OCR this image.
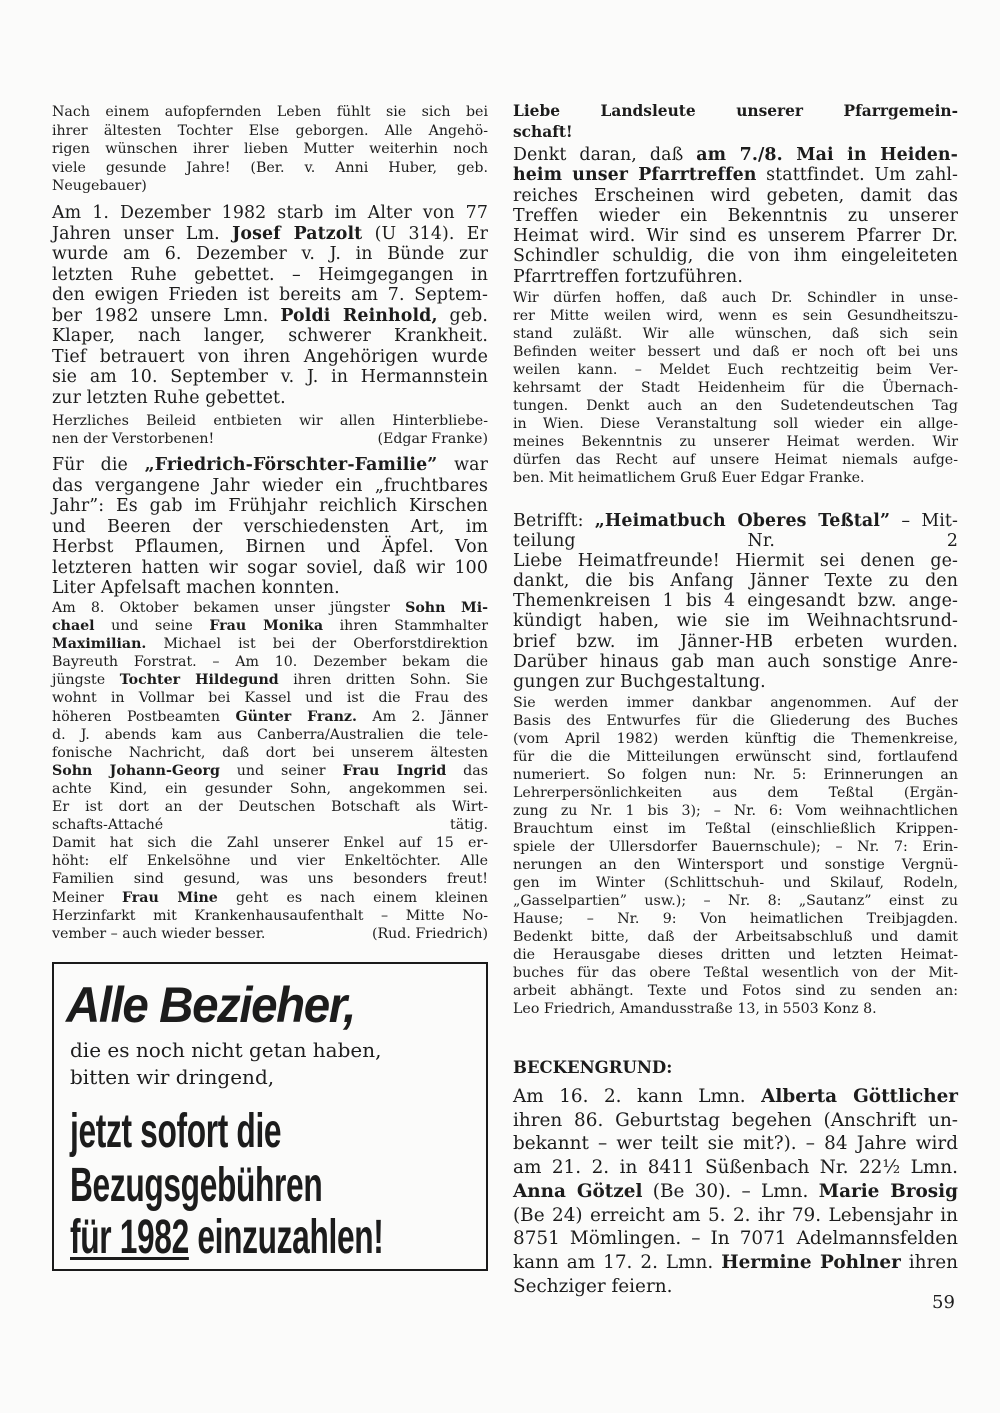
Nach einem aufopfernden Leben fühlt sie sich bei
ihrer ältesten Tochter Else geborgen. Alle Angehö-
rigen wünschen ihrer lieben Mutter weiterhin noch
viele gesunde Jahre! (Ber. v. Anni Huber, geb.
Neugebauer)
Am 1. Dezember 1982 starb im Alter von 77
Jahren unser Lm. Josef Patzolt (U 314). Er
wurde am 6. Dezember v. J. in Bünde zur
letzten Ruhe gebettet. – Heimgegangen in
den ewigen Frieden ist bereits am 7. Septem-
ber 1982 unsere Lmn. Poldi Reinhold, geb.
Klaper, nach langer, schwerer Krankheit.
Tief betrauert von ihren Angehörigen wurde
sie am 10. September v. J. in Hermannstein
zur letzten Ruhe gebettet.
Herzliches Beileid entbieten wir allen Hinterbliebe-
nen der Verstorbenen!	(Edgar Franke)
Für die „Friedrich-Förschter-Familie” war
das vergangene Jahr wieder ein „fruchtbares
Jahr”: Es gab im Frühjahr reichlich Kirschen
und Beeren der verschiedensten Art, im
Herbst Pflaumen, Birnen und Äpfel. Von
letzteren hatten wir sogar soviel, daß wir 100
Liter Apfelsaft machen konnten.
Am 8. Oktober bekamen unser jüngster Sohn Mi-
chael und seine Frau Monika ihren Stammhalter
Maximilian. Michael ist bei der Oberforstdirektion
Bayreuth Forstrat. – Am 10. Dezember bekam die
jüngste Tochter Hildegund ihren dritten Sohn. Sie
wohnt in Vollmar bei Kassel und ist die Frau des
höheren Postbeamten Günter Franz. Am 2. Jänner
d. J. abends kam aus Canberra/Australien die tele-
fonische Nachricht, daß dort bei unserem ältesten
Sohn Johann-Georg und seiner Frau Ingrid das
achte Kind, ein gesunder Sohn, angekommen sei.
Er ist dort an der Deutschen Botschaft als Wirt-
schafts-Attaché tätig.
Damit hat sich die Zahl unserer Enkel auf 15 er-
höht: elf Enkelsöhne und vier Enkeltöchter. Alle
Familien sind gesund, was uns besonders freut!
Meiner Frau Mine geht es nach einem kleinen
Herzinfarkt mit Krankenhausaufenthalt – Mitte No-
vember – auch wieder besser.	(Rud. Friedrich)
Alle Bezieher,
die es noch nicht getan haben,
bitten wir dringend,
jetzt sofort die
Bezugsgebühren
für 1982 einzuzahlen!
Liebe Landsleute unserer Pfarrgemein-
schaft!
Denkt daran, daß am 7./8. Mai in Heiden-
heim unser Pfarrtreffen stattfindet. Um zahl-
reiches Erscheinen wird gebeten, damit das
Treffen wieder ein Bekenntnis zu unserer
Heimat wird. Wir sind es unserem Pfarrer Dr.
Schindler schuldig, die von ihm eingeleiteten
Pfarrtreffen fortzuführen.
Wir dürfen hoffen, daß auch Dr. Schindler in unse-
rer Mitte weilen wird, wenn es sein Gesundheitszu-
stand zuläßt. Wir alle wünschen, daß sich sein
Befinden weiter bessert und daß er noch oft bei uns
weilen kann. – Meldet Euch rechtzeitig beim Ver-
kehrsamt der Stadt Heidenheim für die Übernach-
tungen. Denkt auch an den Sudetendeutschen Tag
in Wien. Diese Veranstaltung soll wieder ein allge-
meines Bekenntnis zu unserer Heimat werden. Wir
dürfen das Recht auf unsere Heimat niemals aufge-
ben. Mit heimatlichem Gruß Euer Edgar Franke.
Betrifft: „Heimatbuch Oberes Teßtal” – Mit-
teilung Nr. 2
Liebe Heimatfreunde! Hiermit sei denen ge-
dankt, die bis Anfang Jänner Texte zu den
Themenkreisen 1 bis 4 eingesandt bzw. ange-
kündigt haben, wie sie im Weihnachtsrund-
brief bzw. im Jänner-HB erbeten wurden.
Darüber hinaus gab man auch sonstige Anre-
gungen zur Buchgestaltung.
Sie werden immer dankbar angenommen. Auf der
Basis des Entwurfes für die Gliederung des Buches
(vom April 1982) werden künftig die Themenkreise,
für die die Mitteilungen erwünscht sind, fortlaufend
numeriert. So folgen nun: Nr. 5: Erinnerungen an
Lehrerpersönlichkeiten aus dem Teßtal (Ergän-
zung zu Nr. 1 bis 3); – Nr. 6: Vom weihnachtlichen
Brauchtum einst im Teßtal (einschließlich Krippen-
spiele der Ullersdorfer Bauernschule); – Nr. 7: Erin-
nerungen an den Wintersport und sonstige Vergnü-
gen im Winter (Schlittschuh- und Skilauf, Rodeln,
„Gasselpartien” usw.); – Nr. 8: „Sautanz” einst zu
Hause; – Nr. 9: Von heimatlichen Treibjagden.
Bedenkt bitte, daß der Arbeitsabschluß und damit
die Herausgabe dieses dritten und letzten Heimat-
buches für das obere Teßtal wesentlich von der Mit-
arbeit abhängt. Texte und Fotos sind zu senden an:
Leo Friedrich, Amandusstraße 13, in 5503 Konz 8.
BECKENGRUND:
Am 16. 2. kann Lmn. Alberta Göttlicher
ihren 86. Geburtstag begehen (Anschrift un-
bekannt – wer teilt sie mit?). – 84 Jahre wird
am 21. 2. in 8411 Süßenbach Nr. 22½ Lmn.
Anna Götzel (Be 30). – Lmn. Marie Brosig
(Be 24) erreicht am 5. 2. ihr 79. Lebensjahr in
8751 Mömlingen. – In 7071 Adelmannsfelden
kann am 17. 2. Lmn. Hermine Pohlner ihren
Sechziger feiern.
59
